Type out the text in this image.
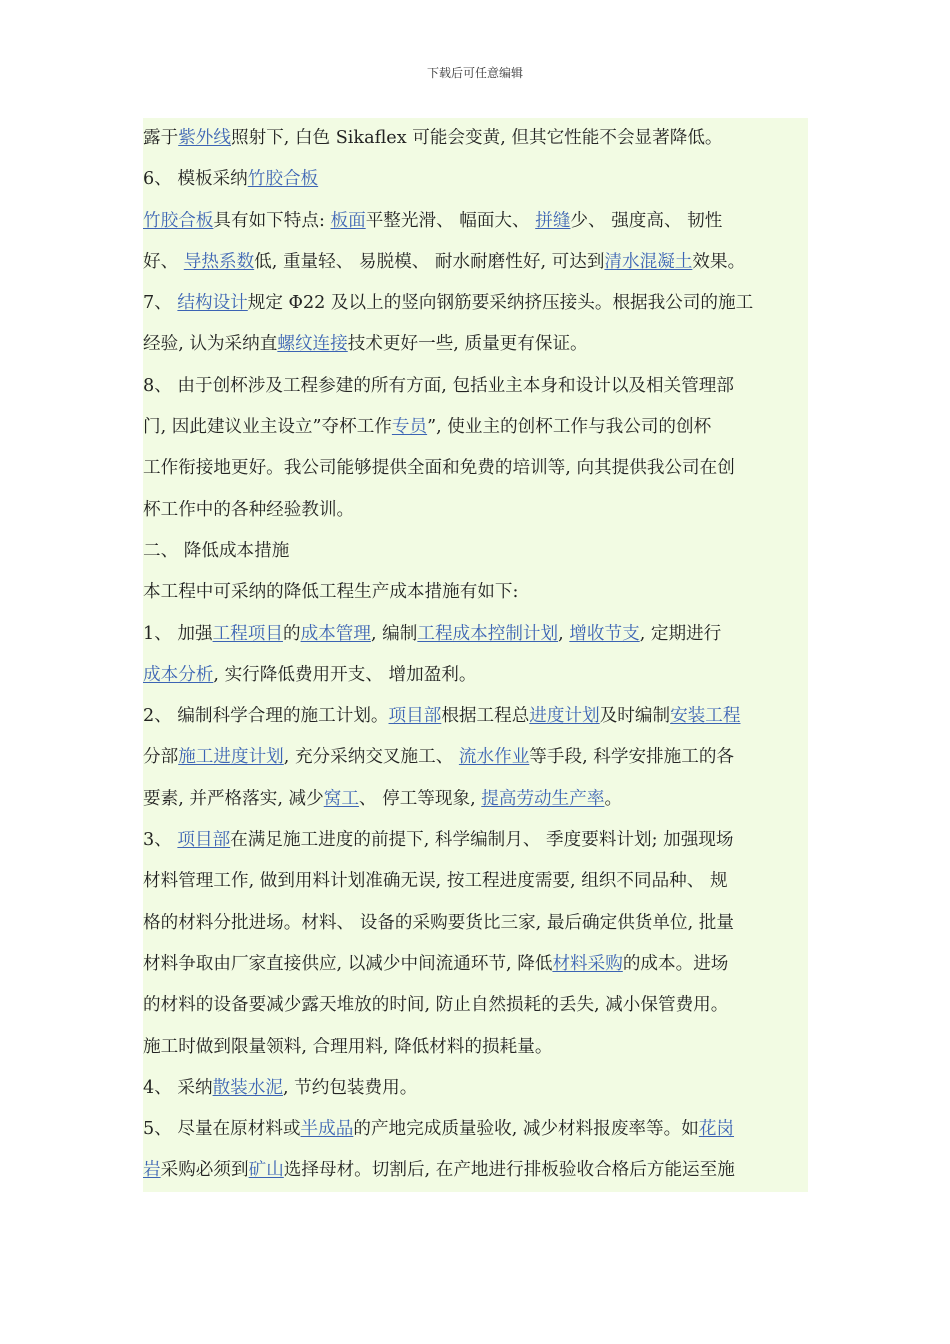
下载后可任意编辑
露于紫外线照射下, 白色 Sikaflex 可能会变黄, 但其它性能不会显著降低。
6、 模板采纳竹胶合板
竹胶合板具有如下特点: 板面平整光滑、 幅面大、 拼缝少、 强度高、 韧性
好、 导热系数低, 重量轻、 易脱模、 耐水耐磨性好, 可达到清水混凝土效果。
7、 结构设计规定 Φ22 及以上的竖向钢筋要采纳挤压接头。根据我公司的施工
经验, 认为采纳直螺纹连接技术更好一些, 质量更有保证。
8、 由于创杯涉及工程参建的所有方面, 包括业主本身和设计以及相关管理部
门, 因此建议业主设立”夺杯工作专员”, 使业主的创杯工作与我公司的创杯
工作衔接地更好。我公司能够提供全面和免费的培训等, 向其提供我公司在创
杯工作中的各种经验教训。
二、 降低成本措施
本工程中可采纳的降低工程生产成本措施有如下:
1、 加强工程项目的成本管理, 编制工程成本控制计划, 增收节支, 定期进行
成本分析, 实行降低费用开支、 增加盈利。
2、 编制科学合理的施工计划。项目部根据工程总进度计划及时编制安装工程
分部施工进度计划, 充分采纳交叉施工、 流水作业等手段, 科学安排施工的各
要素, 并严格落实, 减少窝工、 停工等现象, 提高劳动生产率。
3、 项目部在满足施工进度的前提下, 科学编制月、 季度要料计划; 加强现场
材料管理工作, 做到用料计划准确无误, 按工程进度需要, 组织不同品种、 规
格的材料分批进场。材料、 设备的采购要货比三家, 最后确定供货单位, 批量
材料争取由厂家直接供应, 以减少中间流通环节, 降低材料采购的成本。进场
的材料的设备要减少露天堆放的时间, 防止自然损耗的丢失, 减小保管费用。
施工时做到限量领料, 合理用料, 降低材料的损耗量。
4、 采纳散装水泥, 节约包装费用。
5、 尽量在原材料或半成品的产地完成质量验收, 减少材料报废率等。如花岗
岩采购必须到矿山选择母材。切割后, 在产地进行排板验收合格后方能运至施
